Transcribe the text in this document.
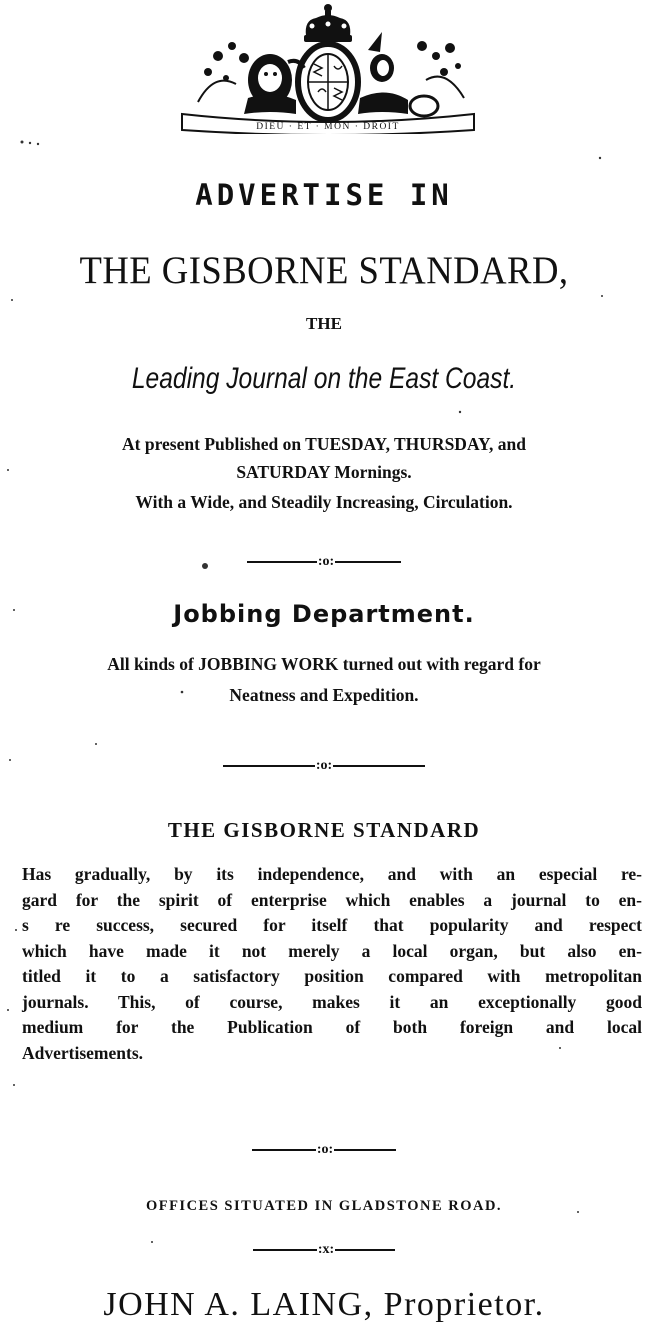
DIEU · ET · MON · DROIT
ADVERTISE IN
THE GISBORNE STANDARD,
THE
Leading Journal on the East Coast.
At present Published on TUESDAY, THURSDAY, and
SATURDAY Mornings.
With a Wide, and Steadily Increasing, Circulation.
:o:
Jobbing Department.
All kinds of JOBBING WORK turned out with regard for
Neatness and Expedition.
:o:
THE GISBORNE STANDARD
Has gradually, by its independence, and with an especial re-
gard for the spirit of enterprise which enables a journal to en-
s re success, secured for itself that popularity and respect
which have made it not merely a local organ, but also en-
titled it to a satisfactory position compared with metropolitan
journals. This, of course, makes it an exceptionally good
medium for the Publication of both foreign and local
Advertisements.
:o:
OFFICES SITUATED IN GLADSTONE ROAD.
:x:
JOHN A. LAING, Proprietor.
